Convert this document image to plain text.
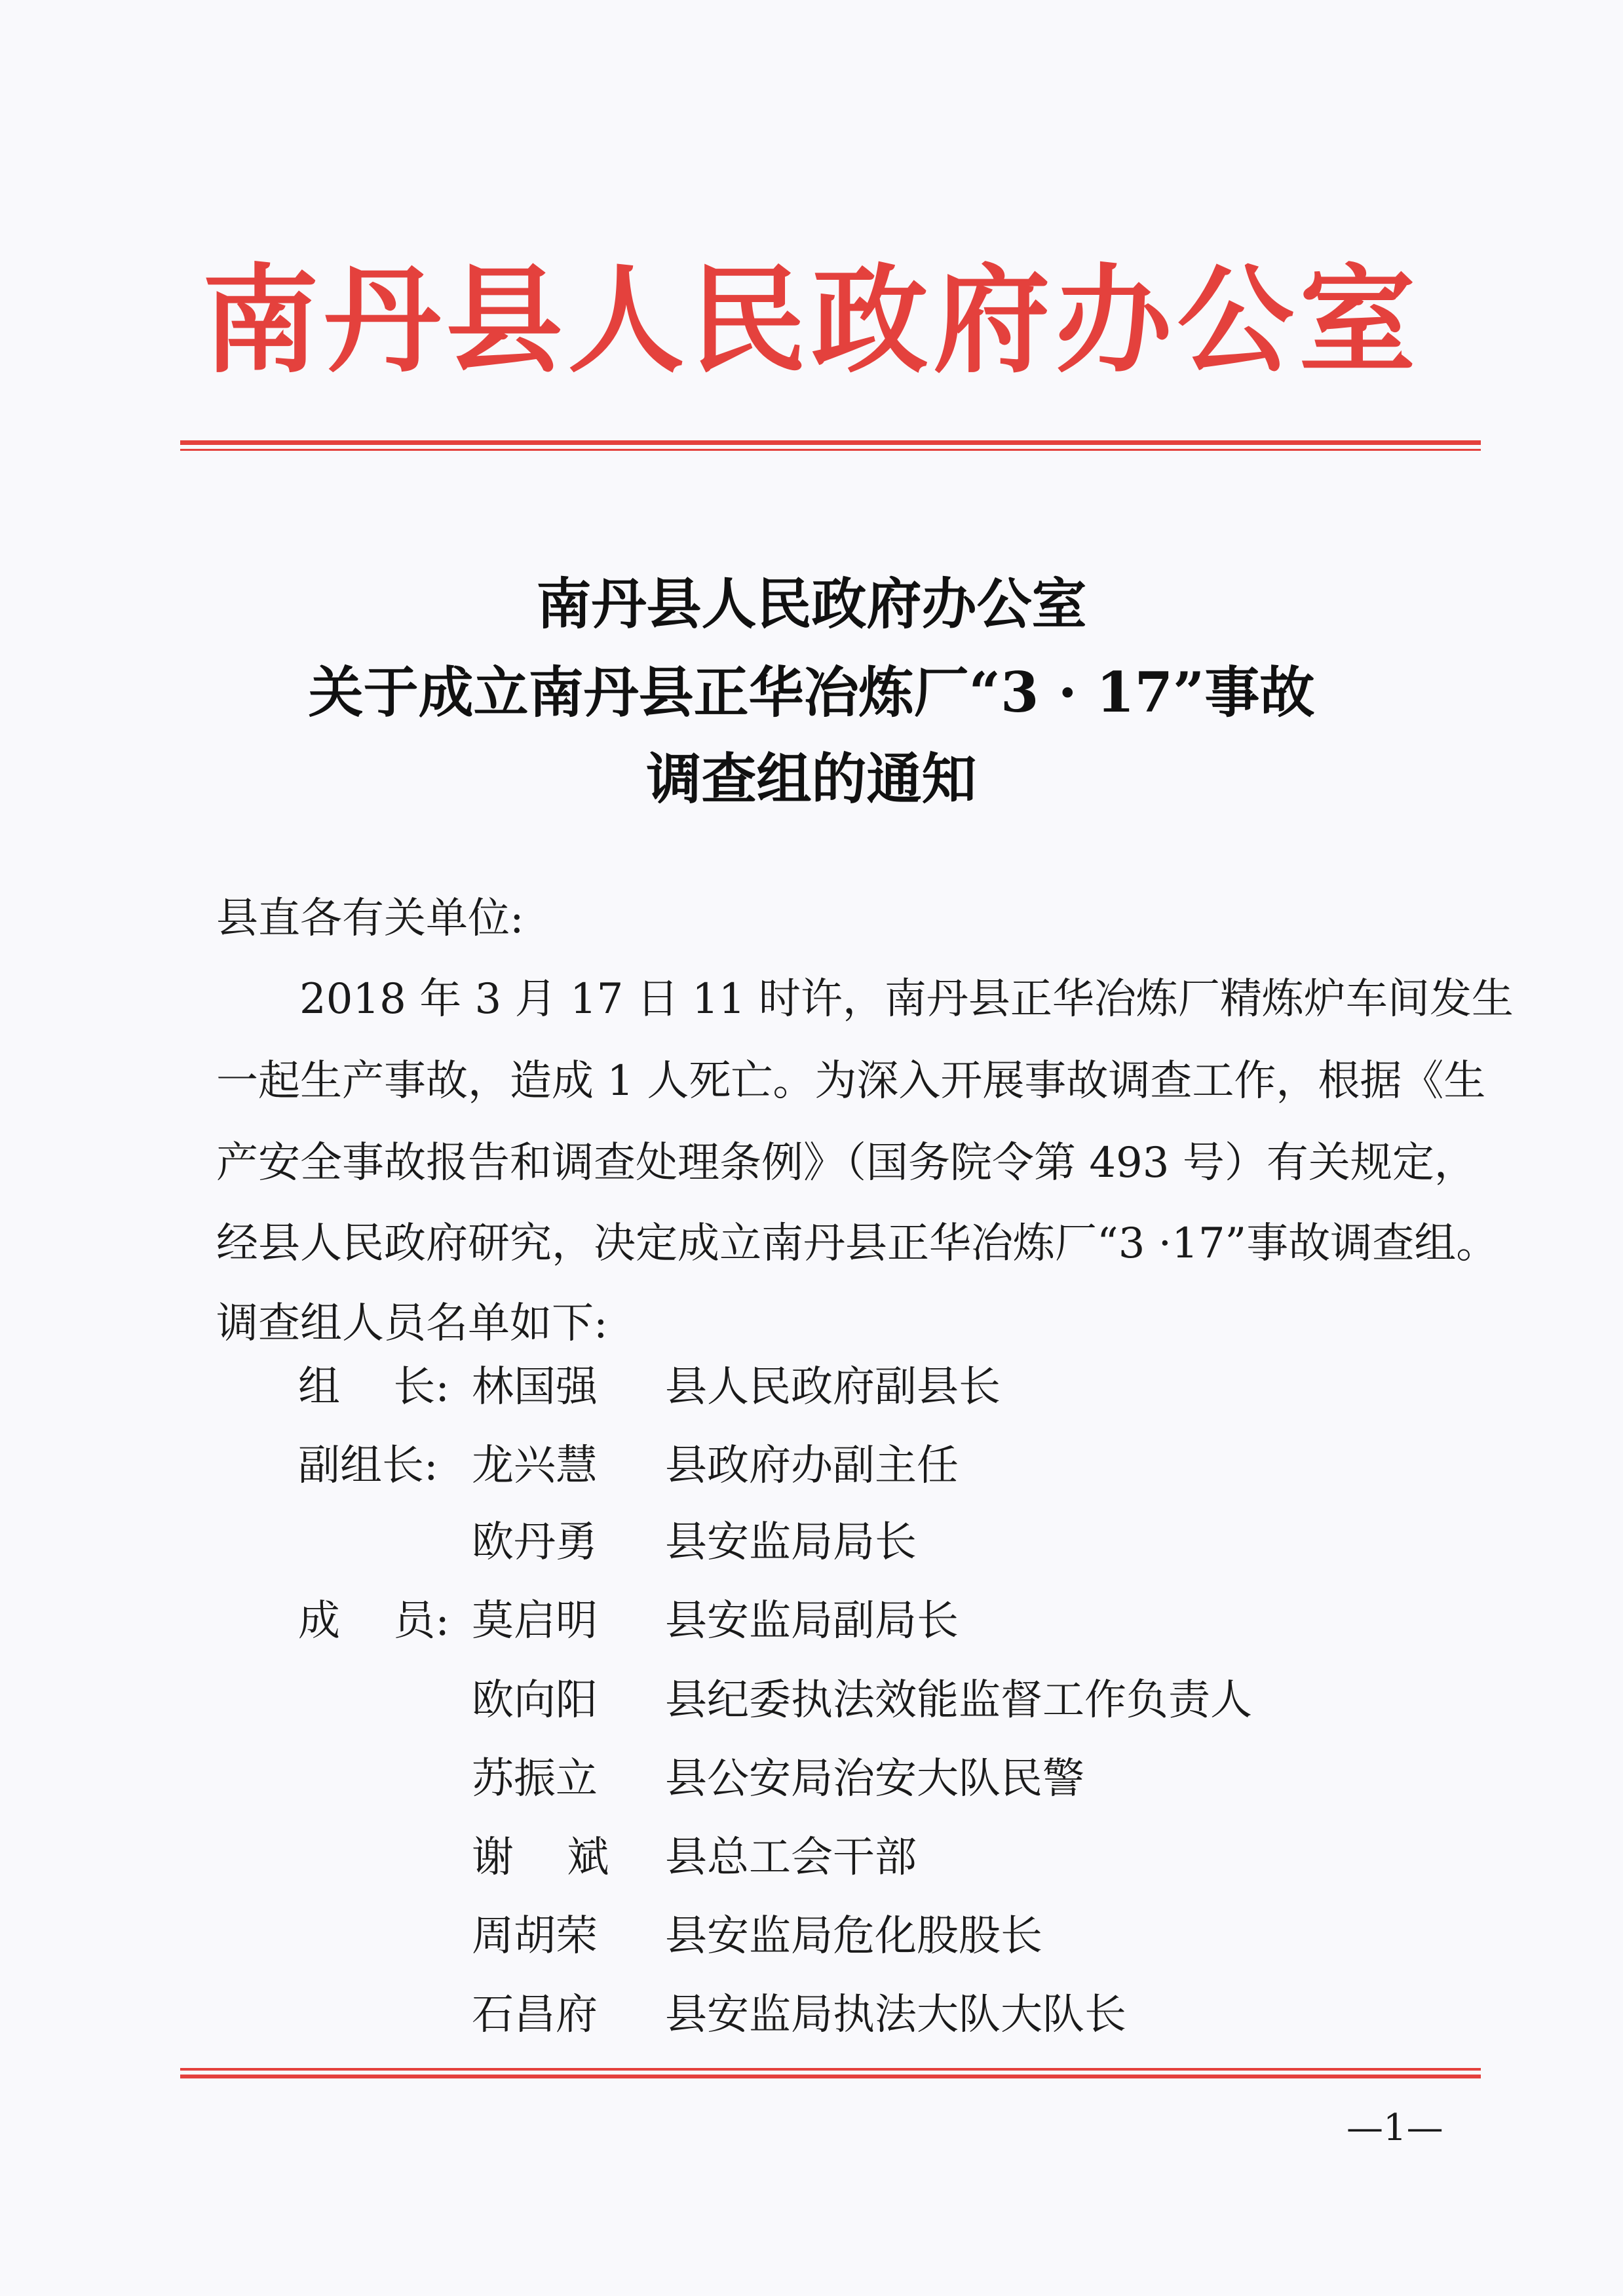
南丹县人民政府办公室
南丹县人民政府办公室
关于成立南丹县正华冶炼厂“3 · 17”事故
调查组的通知
县直各有关单位:
2018 年 3 月 17 日 11 时许，南丹县正华冶炼厂精炼炉车间发生
一起生产事故，造成 1 人死亡。为深入开展事故调查工作，根据《生
产安全事故报告和调查处理条例》（国务院令第 493 号）有关规定，
经县人民政府研究，决定成立南丹县正华冶炼厂“3 ·17”事故调查组。
调查组人员名单如下:
组    长: 林国强	县人民政府副县长
副组长: 龙兴慧	县政府办副主任
欧丹勇	县安监局局长
成    员: 莫启明	县安监局副局长
欧向阳	县纪委执法效能监督工作负责人
苏振立	县公安局治安大队民警
谢    斌	县总工会干部
周胡荣	县安监局危化股股长
石昌府	县安监局执法大队大队长
—1—
